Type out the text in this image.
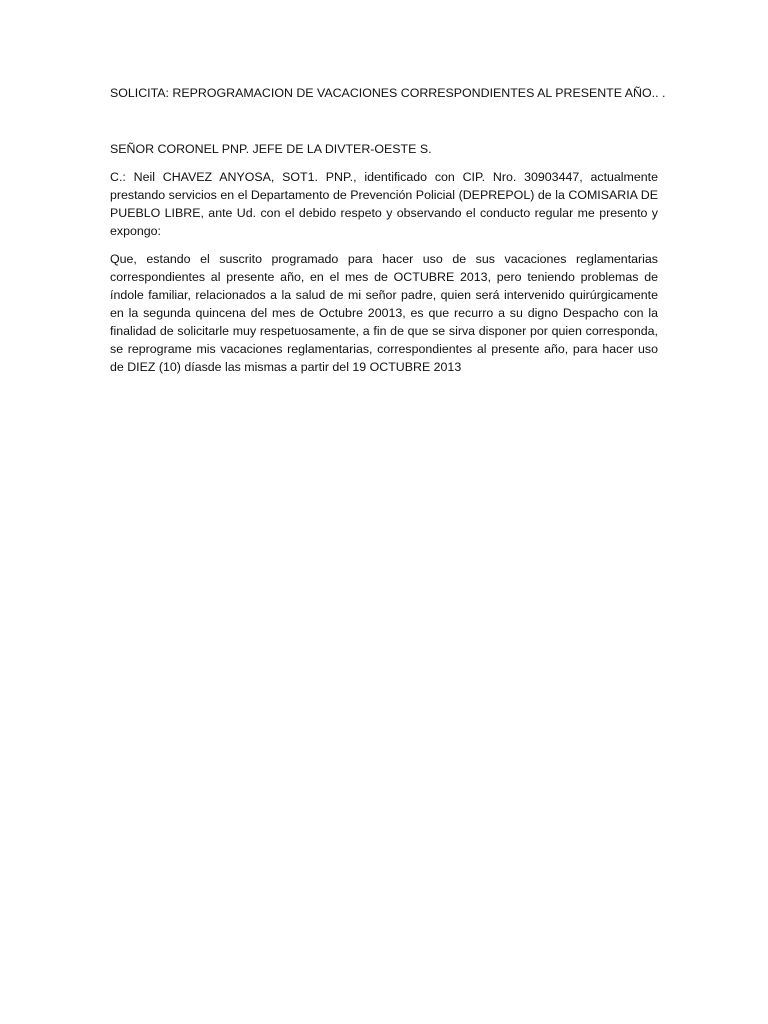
SOLICITA: REPROGRAMACION DE VACACIONES CORRESPONDIENTES AL PRESENTE AÑO.. .
SEÑOR CORONEL PNP. JEFE DE LA DIVTER-OESTE S.

C.: Neil CHAVEZ ANYOSA, SOT1. PNP., identificado con CIP. Nro. 30903447, actualmente prestando servicios en el Departamento de Prevención Policial (DEPREPOL) de la COMISARIA DE PUEBLO LIBRE, ante Ud. con el debido respeto y observando el conducto regular me presento y expongo:

Que, estando el suscrito programado para hacer uso de sus vacaciones reglamentarias correspondientes al presente año, en el mes de OCTUBRE 2013, pero teniendo problemas de índole familiar, relacionados a la salud de mi señor padre, quien será intervenido quirúrgicamente en la segunda quincena del mes de Octubre 20013, es que recurro a su digno Despacho con la finalidad de solicitarle muy respetuosamente, a fin de que se sirva disponer por quien corresponda, se reprograme mis vacaciones reglamentarias, correspondientes al presente año, para hacer uso de DIEZ (10) díasde las mismas a partir del 19 OCTUBRE 2013
